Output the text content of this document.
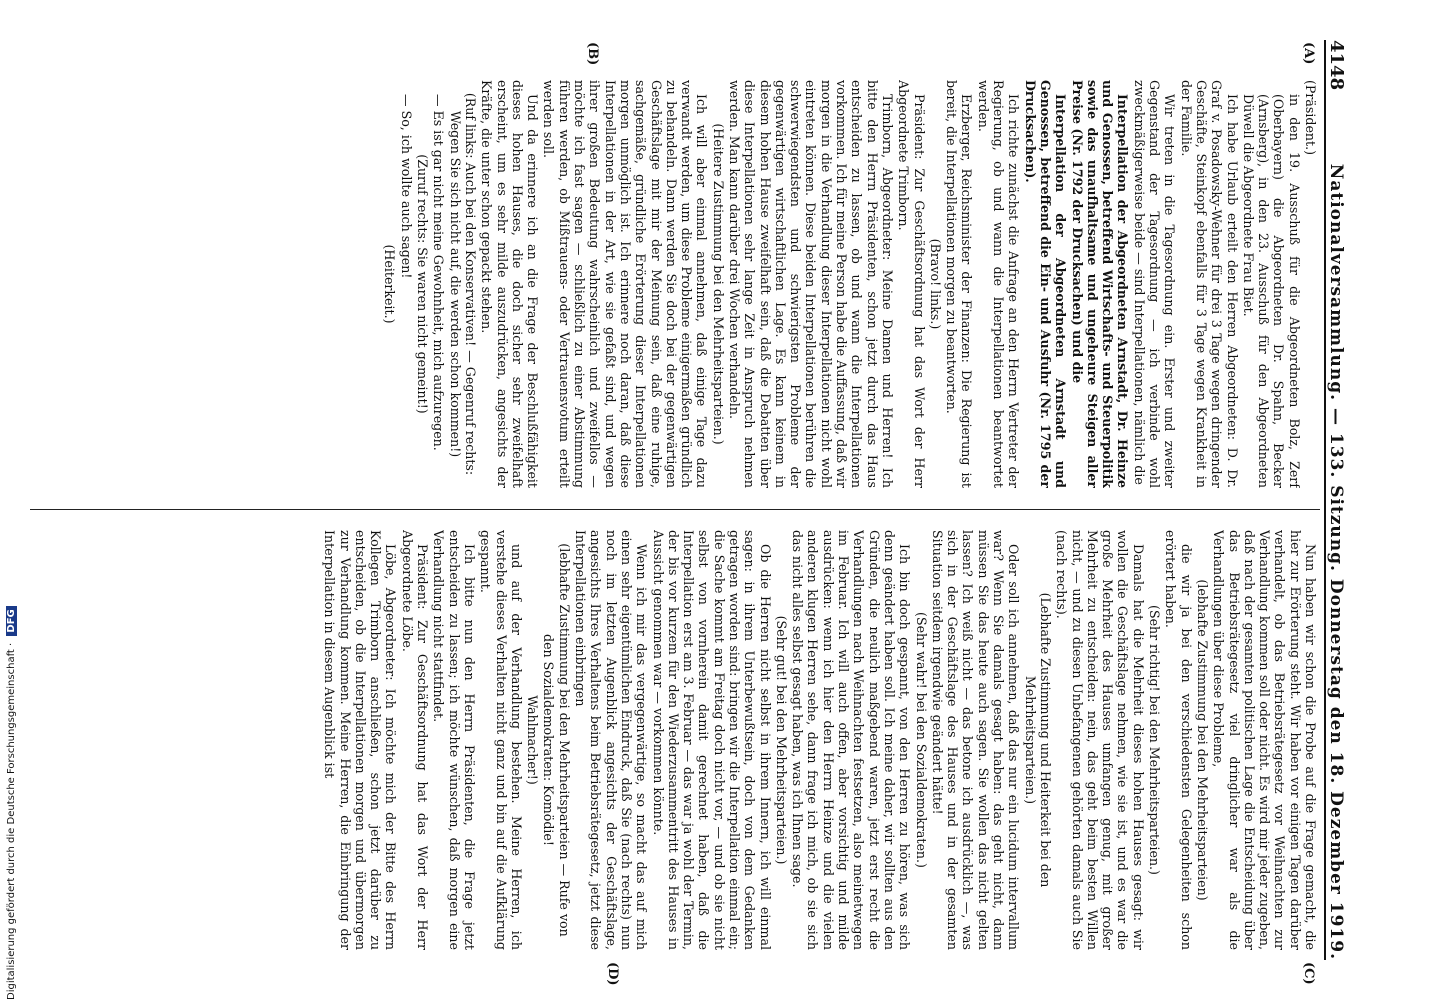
4148
Nationalversammlung. — 133. Sitzung. Donnerstag den 18. Dezember 1919.
(A)
(B)
(C)
(D)

(Präsident.)

in den 19. Ausschuß für die Abgeordneten Bolz, Zerf (Oberbayern) die Abgeordneten Dr. Spahn, Becker (Arnsberg), in den 23. Ausschuß für den Abgeordneten Düwell die Abgeordnete Frau Biet.

Ich habe Urlaub erteilt den Herren Abgeordneten: D. Dr. Graf v. Posadowsky-Wehner für drei 3 Tage wegen dringender Geschäfte, Steinkopf ebenfalls für 3 Tage wegen Krankheit in der Familie.

Wir treten in die Tagesordnung ein. Erster und zweiter Gegenstand der Tagesordnung — ich verbinde wohl zweckmäßigerweise beide — sind Interpellationen, nämlich die

Interpellation der Abgeordneten Arnstadt, Dr. Heinze und Genossen, betreffend Wirtschafts- und Steuerpolitik sowie das unaufhaltsame und ungeheure Steigen aller Preise (Nr. 1792 der Drucksachen) und die

Interpellation der Abgeordneten Arnstadt und Genossen, betreffend die Ein- und Ausfuhr (Nr. 1795 der Drucksachen).

Ich richte zunächst die Anfrage an den Herrn Vertreter der Regierung, ob und wann die Interpellationen beantwortet werden.

Erzberger, Reichsminister der Finanzen: Die Regierung ist bereit, die Interpellationen morgen zu beantworten.

(Bravo! links.)

Präsident: Zur Geschäftsordnung hat das Wort der Herr Abgeordnete Trimborn.

Trimborn, Abgeordneter: Meine Damen und Herren! Ich bitte den Herrn Präsidenten, schon jetzt durch das Haus entscheiden zu lassen, ob und wann die Interpellationen vorkommen. Ich für meine Person habe die Auffassung, daß wir morgen in die Verhandlung dieser Interpellationen nicht wohl eintreten können. Diese beiden Interpellationen berühren die schwerwiegendsten und schwierigsten Probleme der gegenwärtigen wirtschaftlichen Lage. Es kann keinem in diesem hohen Hause zweifelhaft sein, daß die Debatten über diese Interpellationen sehr lange Zeit in Anspruch nehmen werden. Man kann darüber drei Wochen verhandeln.

(Heitere Zustimmung bei den Mehrheitsparteien.)

Ich will aber einmal annehmen, daß einige Tage dazu verwandt werden, um diese Probleme einigermaßen gründlich zu behandeln. Dann werden Sie doch bei der gegenwärtigen Geschäftslage mit mir der Meinung sein, daß eine ruhige, sachgemäße, gründliche Erörterung dieser Interpellationen morgen unmöglich ist. Ich erinnere noch daran, daß diese Interpellationen in der Art, wie sie gefaßt sind, und wegen ihrer großen Bedeutung wahrscheinlich und zweifellos — möchte ich fast sagen — schließlich zu einer Abstimmung führen werden, ob Mißtrauens- oder Vertrauensvotum erteilt werden soll.

Und da erinnere ich an die Frage der Beschlußfähigkeit dieses hohen Hauses, die doch sicher sehr zweifelhaft erscheint, um es sehr milde auszudrücken, angesichts der Kräfte, die unter schon gepackt stehen.

(Ruf links: Auch bei den Konservativen! — Gegenruf rechts: Wegen Sie sich nicht auf, die werden schon kommen!)

— Es ist gar nicht meine Gewohnheit, mich aufzuregen.

(Zuruf rechts: Sie waren nicht gemeint!)

— So, ich wollte auch sagen!

(Heiterkeit.)

Nun haben wir schon die Probe auf die Frage gemacht, die hier zur Erörterung steht. Wir haben vor einigen Tagen darüber verhandelt, ob das Betriebsrätegesetz vor Weihnachten zur Verhandlung kommen soll oder nicht. Es wird mir jeder zugeben, daß nach der gesamten politischen Lage die Entscheidung über das Betriebsrätegesetz viel dringlicher war als die Verhandlungen über diese Probleme,

(lebhafte Zustimmung bei den Mehrheitsparteien)

die wir ja bei den verschiedensten Gelegenheiten schon erörtert haben.

(Sehr richtig! bei den Mehrheitsparteien.)

Damals hat die Mehrheit dieses hohen Hauses gesagt: wir wollen die Geschäftslage nehmen, wie sie ist, und es war die große Mehrheit des Hauses umfangen genug, mit großer Mehrheit zu entscheiden: nein, das geht beim besten Willen nicht, — und zu diesen Unbefangenen gehörten damals auch Sie (nach rechts).

(Lebhafte Zustimmung und Heiterkeit bei den Mehrheitsparteien.)

Oder soll ich annehmen, daß das nur ein lucidum intervallum war? Wenn Sie damals gesagt haben: das geht nicht, dann müssen Sie das heute auch sagen. Sie wollen das nicht gelten lassen? Ich weiß nicht — das betone ich ausdrücklich —, was sich in der Geschäftslage des Hauses und in der gesamten Situation seitdem irgendwie geändert hätte!

(Sehr wahr! bei den Sozialdemokraten.)

Ich bin doch gespannt, von den Herren zu hören, was sich denn geändert haben soll. Ich meine daher, wir sollten aus den Gründen, die neulich maßgebend waren, jetzt erst recht die Verhandlungen nach Weihnachten festsetzen, also meinetwegen im Februar. Ich will auch offen, aber vorsichtig und milde ausdrücken: wenn ich hier den Herrn Heinze und die vielen anderen klugen Herren sehe, dann frage ich mich, ob sie sich das nicht alles selbst gesagt haben, was ich Ihnen sage.

(Sehr gut! bei den Mehrheitsparteien.)

Ob die Herren nicht selbst in ihrem Innern, ich will einmal sagen: in ihrem Unterbewußtsein, doch von dem Gedanken getragen worden sind: bringen wir die Interpellation einmal ein; die Sache kommt am Freitag doch nicht vor, — und ob sie nicht selbst von vornherein damit gerechnet haben, daß die Interpellation erst am 3. Februar — das war ja wohl der Termin, der bis vor kurzem für den Wiederzusammentritt des Hauses in Aussicht genommen war — vorkommen könnte.

Wenn ich mir das vergegenwärtige, so macht das auf mich einen sehr eigentümlichen Eindruck, daß Sie (nach rechts) nun noch im letzten Augenblick angesichts der Geschäftslage, angesichts Ihres Verhaltens beim Betriebsrätegesetz, jetzt diese Interpellationen einbringen

(lebhafte Zustimmung bei den Mehrheitsparteien — Rufe von den Sozialdemokraten: Komödie!

Wahlmacher!)

und auf der Verhandlung bestehen. Meine Herren, ich verstehe dieses Verhalten nicht ganz und bin auf die Aufklärung gespannt.

Ich bitte nun den Herrn Präsidenten, die Frage jetzt entscheiden zu lassen; ich möchte wünschen, daß morgen eine Verhandlung nicht stattfindet.

Präsident: Zur Geschäftsordnung hat das Wort der Herr Abgeordnete Löbe.

Löbe, Abgeordneter: Ich möchte mich der Bitte des Herrn Kollegen Trimborn anschließen, schon jetzt darüber zu entscheiden, ob die Interpellationen morgen und übermorgen zur Verhandlung kommen. Meine Herren, die Einbringung der Interpellation in diesem Augenblick ist

Digitalisierung gefördert durch die Deutsche Forschungsgemeinschaft · DFG
